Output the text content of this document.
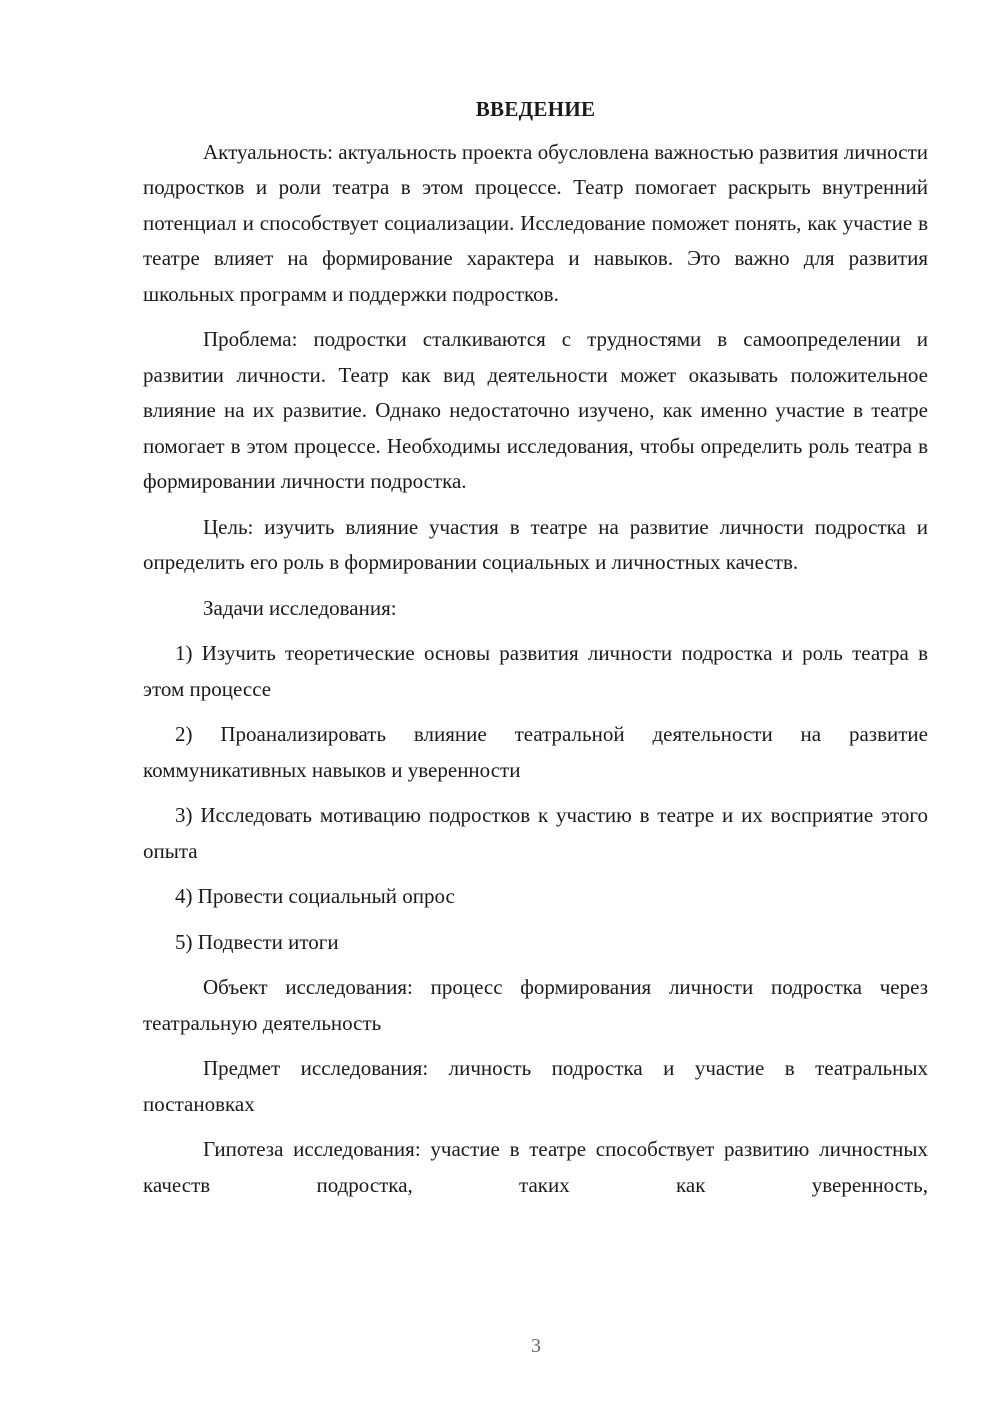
ВВЕДЕНИЕ

Актуальность: актуальность проекта обусловлена важностью развития личности подростков и роли театра в этом процессе. Театр помогает раскрыть внутренний потенциал и способствует социализации. Исследование поможет понять, как участие в театре влияет на формирование характера и навыков. Это важно для развития школьных программ и поддержки подростков.

Проблема: подростки сталкиваются с трудностями в самоопределении и развитии личности. Театр как вид деятельности может оказывать положительное влияние на их развитие. Однако недостаточно изучено, как именно участие в театре помогает в этом процессе. Необходимы исследования, чтобы определить роль театра в формировании личности подростка.

Цель: изучить влияние участия в театре на развитие личности подростка и определить его роль в формировании социальных и личностных качеств.

Задачи исследования:

1) Изучить теоретические основы развития личности подростка и роль театра в этом процессе

2) Проанализировать влияние театральной деятельности на развитие коммуникативных навыков и уверенности

3) Исследовать мотивацию подростков к участию в театре и их восприятие этого опыта

4) Провести социальный опрос

5) Подвести итоги

Объект исследования: процесс формирования личности подростка через театральную деятельность

Предмет исследования: личность подростка и участие в театральных постановках

Гипотеза исследования: участие в театре способствует развитию личностных качеств подростка, таких как уверенность,

3
